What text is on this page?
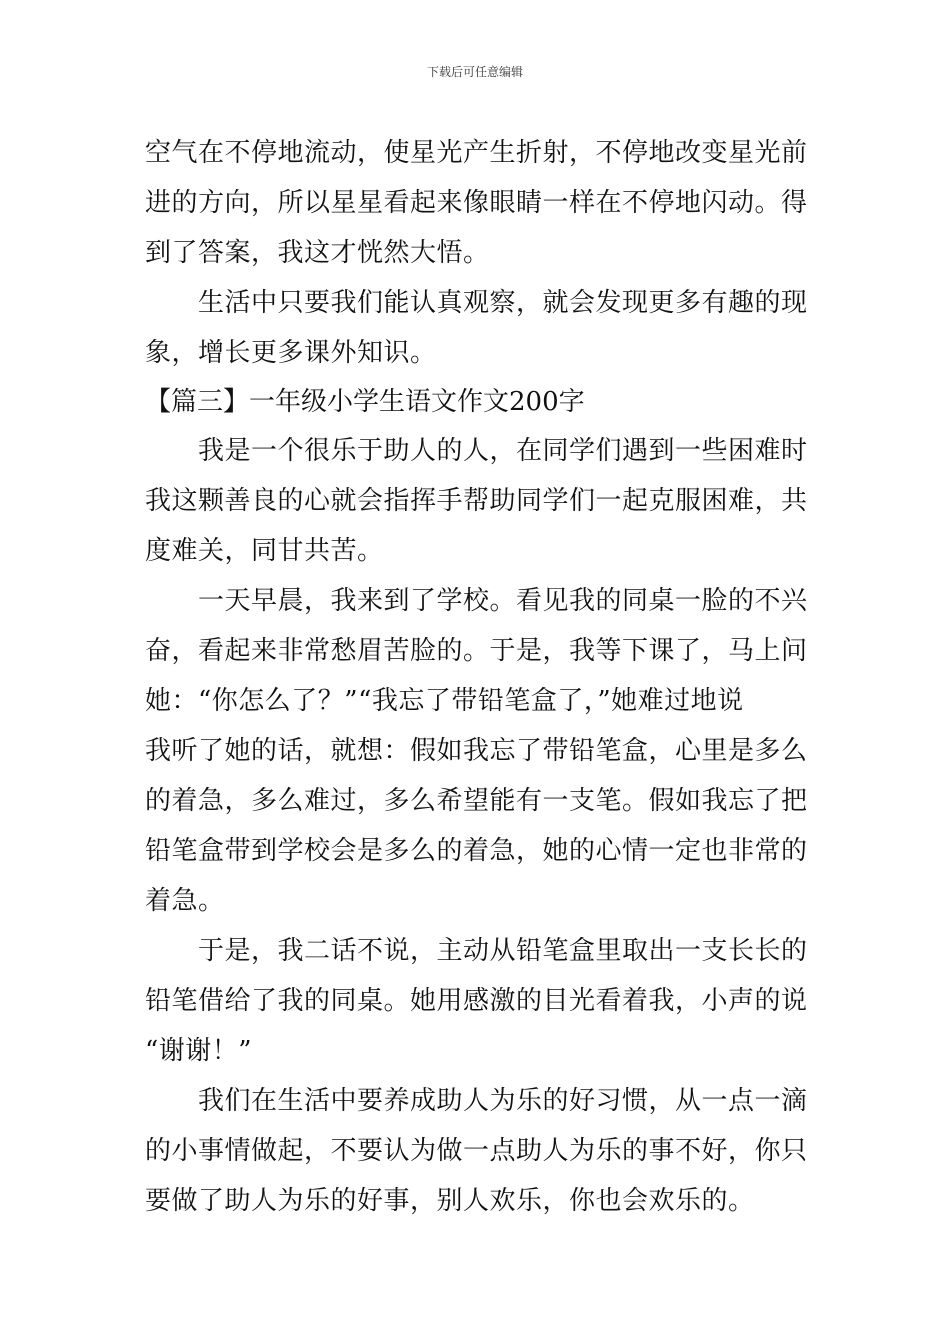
下载后可任意编辑
空气在不停地流动，使星光产生折射，不停地改变星光前
进的方向，所以星星看起来像眼睛一样在不停地闪动。得
到了答案，我这才恍然大悟。
　　生活中只要我们能认真观察，就会发现更多有趣的现
象，增长更多课外知识。
【篇三】一年级小学生语文作文200字
　　我是一个很乐于助人的人，在同学们遇到一些困难时
我这颗善良的心就会指挥手帮助同学们一起克服困难，共
度难关，同甘共苦。
　　一天早晨，我来到了学校。看见我的同桌一脸的不兴
奋，看起来非常愁眉苦脸的。于是，我等下课了，马上问
她：“你怎么了？”“我忘了带铅笔盒了，”她难过地说
我听了她的话，就想：假如我忘了带铅笔盒，心里是多么
的着急，多么难过，多么希望能有一支笔。假如我忘了把
铅笔盒带到学校会是多么的着急，她的心情一定也非常的
着急。
　　于是，我二话不说，主动从铅笔盒里取出一支长长的
铅笔借给了我的同桌。她用感激的目光看着我，小声的说
“谢谢！”
　　我们在生活中要养成助人为乐的好习惯，从一点一滴
的小事情做起，不要认为做一点助人为乐的事不好，你只
要做了助人为乐的好事，别人欢乐，你也会欢乐的。
